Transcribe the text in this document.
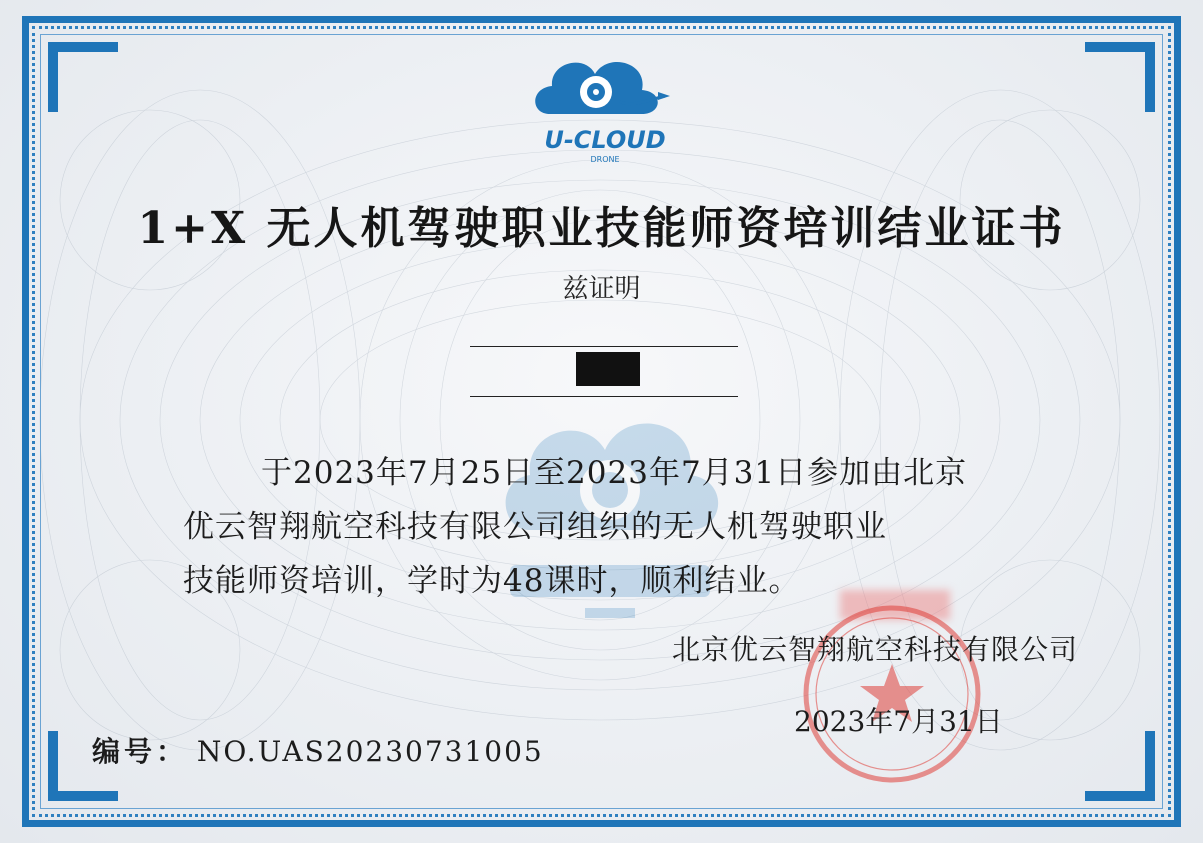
U-CLOUD
DRONE
1+X 无人机驾驶职业技能师资培训结业证书
兹证明
于2023年7月25日至2023年7月31日参加由北京
优云智翔航空科技有限公司组织的无人机驾驶职业
技能师资培训，学时为48课时，顺利结业。
北京优云智翔航空科技有限公司
2023年7月31日
编号： NO.UAS20230731005
